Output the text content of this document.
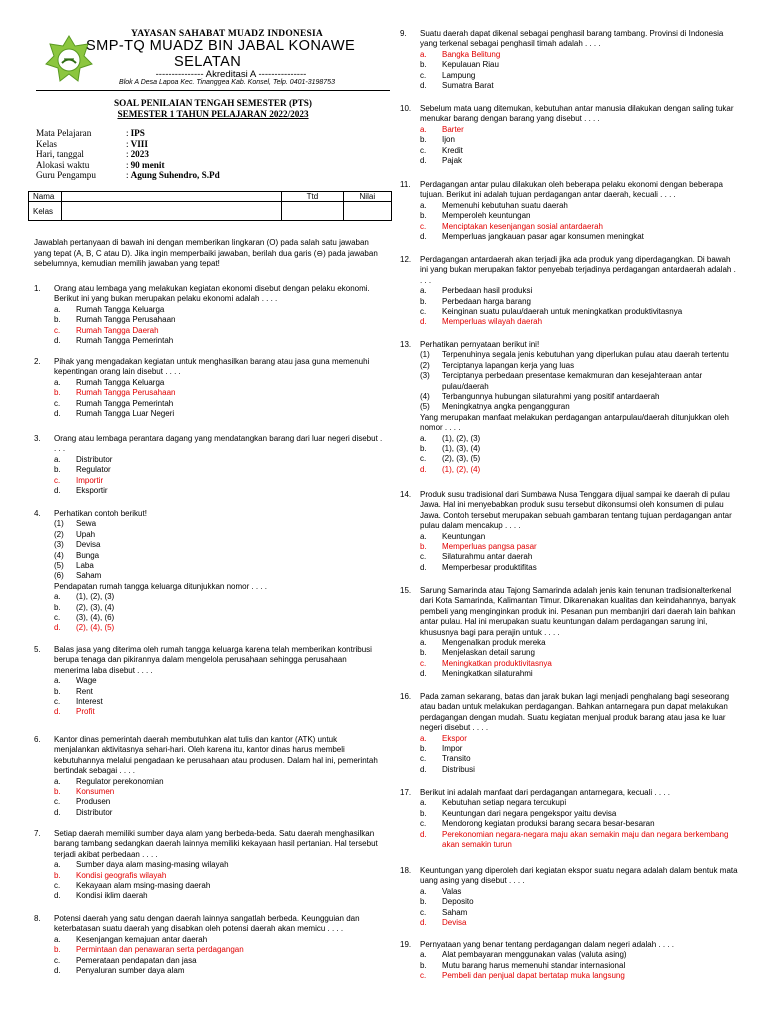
YAYASAN SAHABAT MUADZ INDONESIA
SMP-TQ MUADZ BIN JABAL KONAWE
SELATAN
--------------- Akreditasi A ---------------
Blok A Desa Lapoa Kec. Tinanggea Kab. Konsel, Telp. 0401-3198753
SOAL PENILAIAN TENGAH SEMESTER (PTS)
SEMESTER 1 TAHUN PELAJARAN 2022/2023
Mata Pelajaran	: IPS
Kelas	: VIII
Hari, tanggal	: 2023
Alokasi waktu	: 90 menit
Guru Pengampu	: Agung Suhendro, S.Pd
Nama		Ttd	Nilai

Kelas			
Jawablah pertanyaan di bawah ini dengan memberikan lingkaran (O) pada salah satu jawaban yang tepat (A, B, C atau D). Jika ingin memperbaiki jawaban, berilah dua garis (⊖) pada jawaban sebelumnya, kemudian memilih jawaban yang tepat!
1.	Orang atau lembaga yang melakukan kegiatan ekonomi disebut dengan pelaku ekonomi. Berikut ini yang bukan merupakan pelaku ekonomi adalah . . . .
a.	Rumah Tangga Keluarga
b.	Rumah Tangga Perusahaan
c.	Rumah Tangga Daerah
d.	Rumah Tangga Pemerintah
2.	Pihak yang mengadakan kegiatan untuk menghasilkan barang atau jasa guna memenuhi kepentingan orang lain disebut . . . .
a.	Rumah Tangga Keluarga
b.	Rumah Tangga Perusahaan
c.	Rumah Tangga Pemerintah
d.	Rumah Tangga Luar Negeri
3.	Orang atau lembaga perantara dagang yang mendatangkan barang dari luar negeri disebut . . . .
a.	Distributor
b.	Regulator
c.	Importir
d.	Eksportir
4.	Perhatikan contoh berikut!
(1)	Sewa
(2)	Upah
(3)	Devisa
(4)	Bunga
(5)	Laba
(6)	Saham
Pendapatan rumah tangga keluarga ditunjukkan nomor . . . .
a.	(1), (2), (3)
b.	(2), (3), (4)
c.	(3), (4), (6)
d.	(2), (4), (5)
5.	Balas jasa yang diterima oleh rumah tangga keluarga karena telah memberikan kontribusi berupa tenaga dan pikirannya dalam mengelola perusahaan sehingga perusahaan menerima laba disebut . . . .
a.	Wage
b.	Rent
c.	Interest
d.	Profit
6.	Kantor dinas pemerintah daerah membutuhkan alat tulis dan kantor (ATK) untuk menjalankan aktivitasnya sehari-hari. Oleh karena itu, kantor dinas harus membeli kebutuhannya melalui pengadaan ke perusahaan atau produsen. Dalam hal ini, pemerintah bertindak sebagai . . . .
a.	Regulator perekonomian
b.	Konsumen
c.	Produsen
d.	Distributor
7.	Setiap daerah memiliki sumber daya alam yang berbeda-beda. Satu daerah menghasilkan barang tambang sedangkan daerah lainnya memiliki kekayaan hasil pertanian. Hal tersebut terjadi akibat perbedaan . . . .
a.	Sumber daya alam masing-masing wilayah
b.	Kondisi geografis wilayah
c.	Kekayaan alam msing-masing daerah
d.	Kondisi iklim daerah
8.	Potensi daerah yang satu dengan daerah lainnya sangatlah berbeda. Keungguian dan keterbatasan suatu daerah yang disabkan oleh potensi daerah akan memicu . . . .
a.	Kesenjangan kemajuan antar daerah
b.	Permintaan dan penawaran serta perdagangan
c.	Pemerataan pendapatan dan jasa
d.	Penyaluran sumber daya alam
9.	Suatu daerah dapat dikenal sebagai penghasil barang tambang. Provinsi di Indonesia yang terkenal sebagai penghasil timah adalah . . . .
a.	Bangka Belitung
b.	Kepulauan Riau
c.	Lampung
d.	Sumatra Barat
10.	Sebelum mata uang ditemukan, kebutuhan antar manusia dilakukan dengan saling tukar menukar barang dengan barang yang disebut . . . .
a.	Barter
b.	Ijon
c.	Kredit
d.	Pajak
11.	Perdagangan antar pulau dilakukan oleh beberapa pelaku ekonomi dengan beberapa tujuan. Berikut ini adalah tujuan perdagangan antar daerah, kecuali . . . .
a.	Memenuhi kebutuhan suatu daerah
b.	Memperoleh keuntungan
c.	Menciptakan kesenjangan sosial antardaerah
d.	Memperluas jangkauan pasar agar konsumen meningkat
12.	Perdagangan antardaerah akan terjadi jika ada produk yang diperdagangkan. Di bawah ini yang bukan merupakan faktor penyebab terjadinya perdagangan antardaerah adalah . . . .
a.	Perbedaan hasil produksi
b.	Perbedaan harga barang
c.	Keinginan suatu pulau/daerah untuk meningkatkan produktivitasnya
d.	Memperluas wilayah daerah
13.	Perhatikan pernyataan berikut ini!
(1)	Terpenuhinya segala jenis kebutuhan yang diperlukan pulau atau daerah tertentu
(2)	Terciptanya lapangan kerja yang luas
(3)	Terciptanya perbedaan presentase kemakmuran dan kesejahteraan antar pulau/daerah
(4)	Terbangunnya hubungan silaturahmi yang positif antardaerah
(5)	Meningkatnya angka pengangguran
Yang merupakan manfaat melakukan perdagangan antarpulau/daerah ditunjukkan oleh nomor . . . .
a.	(1), (2), (3)
b.	(1), (3), (4)
c.	(2), (3), (5)
d.	(1), (2), (4)
14.	Produk susu tradisional dari Sumbawa Nusa Tenggara dijual sampai ke daerah di pulau Jawa. Hal ini menyebabkan produk susu tersebut dikonsumsi oleh konsumen di pulau Jawa. Contoh tersebut merupakan sebuah gambaran tentang tujuan perdagangan antar pulau dalam mencakup . . . .
a.	Keuntungan
b.	Memperluas pangsa pasar
c.	Silaturahmu antar daerah
d.	Memperbesar produktifitas
15.	Sarung Samarinda atau Tajong Samarinda adalah jenis kain tenunan tradisionalterkenal dari Kota Samarinda, Kalimantan Timur. Dikarenakan kualitas dan keindahannya, banyak pembeli yang menginginkan produk ini. Pesanan pun membanjiri dari daerah lain bahkan antar pulau. Hal ini merupakan suatu keuntungan dalam perdagangan sarung ini, khususnya bagi para perajin untuk . . . .
a.	Mengenalkan produk mereka
b.	Menjelaskan detail sarung
c.	Meningkatkan produktivitasnya
d.	Meningkatkan silaturahmi
16.	Pada zaman sekarang, batas dan jarak bukan lagi menjadi penghalang bagi seseorang atau badan untuk melakukan perdagangan. Bahkan antarnegara pun dapat melakukan perdagangan dengan mudah. Suatu kegiatan menjual produk barang atau jasa ke luar negeri disebut . . . .
a.	Ekspor
b.	Impor
c.	Transito
d.	Distribusi
17.	Berikut ini adalah manfaat dari perdagangan antarnegara, kecuali . . . .
a.	Kebutuhan setiap negara tercukupi
b.	Keuntungan dari negara pengekspor yaitu devisa
c.	Mendorong kegiatan produksi barang secara besar-besaran
d.	Perekonomian negara-negara maju akan semakin maju dan negara berkembang akan semakin turun
18.	Keuntungan yang diperoleh dari kegiatan ekspor suatu negara adalah dalam bentuk mata uang asing yang disebut . . . .
a.	Valas
b.	Deposito
c.	Saham
d.	Devisa
19.	Pernyataan yang benar tentang perdagangan dalam negeri adalah . . . .
a.	Alat pembayaran menggunakan valas (valuta asing)
b.	Mutu barang harus memenuhi standar internasional
c.	Pembeli dan penjual dapat bertatap muka langsung
